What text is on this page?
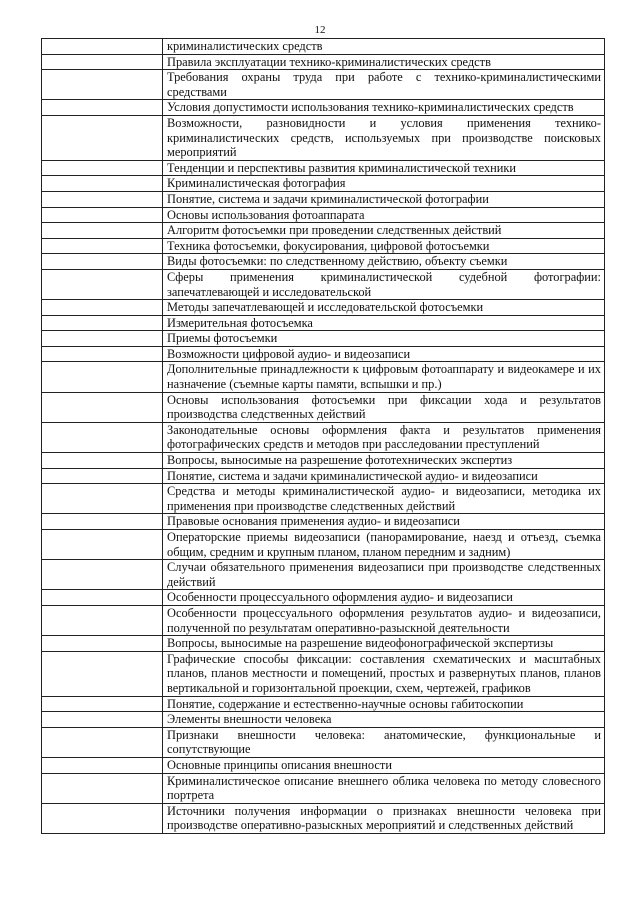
12
	криминалистических средств
	Правила эксплуатации технико-криминалистических средств
	Требования охраны труда при работе с технико-криминалистическими средствами
	Условия допустимости использования технико-криминалистических средств
	Возможности, разновидности и условия применения технико-криминалистических средств, используемых при производстве поисковых мероприятий
	Тенденции и перспективы развития криминалистической техники
	Криминалистическая фотография
	Понятие, система и задачи криминалистической фотографии
	Основы использования фотоаппарата
	Алгоритм фотосъемки при проведении следственных действий
	Техника фотосъемки, фокусирования, цифровой фотосъемки
	Виды фотосъемки: по следственному действию, объекту съемки
	Сферы применения криминалистической судебной фотографии: запечатлевающей и исследовательской
	Методы запечатлевающей и исследовательской фотосъемки
	Измерительная фотосъемка
	Приемы фотосъемки
	Возможности цифровой аудио- и видеозаписи
	Дополнительные принадлежности к цифровым фотоаппарату и видеокамере и их назначение (съемные карты памяти, вспышки и пр.)
	Основы использования фотосъемки при фиксации хода и результатов производства следственных действий
	Законодательные основы оформления факта и результатов применения фотографических средств и методов при расследовании преступлений
	Вопросы, выносимые на разрешение фототехнических экспертиз
	Понятие, система и задачи криминалистической аудио- и видеозаписи
	Средства и методы криминалистической аудио- и видеозаписи, методика их применения при производстве следственных действий
	Правовые основания применения аудио- и видеозаписи
	Операторские приемы видеозаписи (панорамирование, наезд и отъезд, съемка общим, средним и крупным планом, планом передним и задним)
	Случаи обязательного применения видеозаписи при производстве следственных действий
	Особенности процессуального оформления аудио- и видеозаписи
	Особенности процессуального оформления результатов аудио- и видеозаписи, полученной по результатам оперативно-разыскной деятельности
	Вопросы, выносимые на разрешение видеофонографической экспертизы
	Графические способы фиксации: составления схематических и масштабных планов, планов местности и помещений, простых и развернутых планов, планов вертикальной и горизонтальной проекции, схем, чертежей, графиков
	Понятие, содержание и естественно-научные основы габитоскопии
	Элементы внешности человека
	Признаки внешности человека: анатомические, функциональные и сопутствующие
	Основные принципы описания внешности
	Криминалистическое описание внешнего облика человека по методу словесного портрета
	Источники получения информации о признаках внешности человека при производстве оперативно-разыскных мероприятий и следственных действий
